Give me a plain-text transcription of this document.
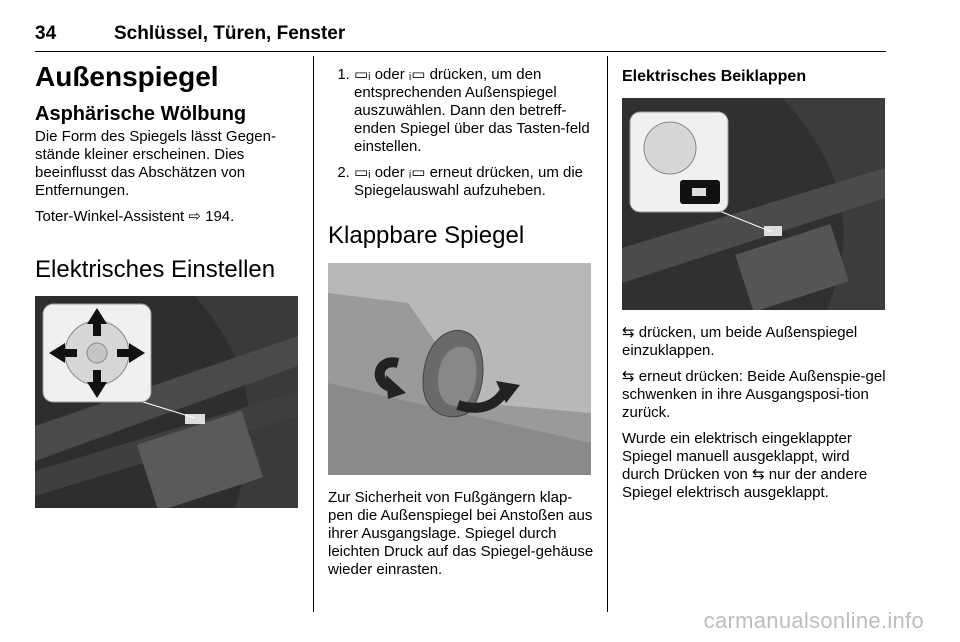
34	Schlüssel, Türen, Fenster
Außenspiegel
Asphärische Wölbung

Die Form des Spiegels lässt Gegen-stände kleiner erscheinen. Dies beeinflusst das Abschätzen von Entfernungen.

Toter-Winkel-Assistent ⇨ 194.

Elektrisches Einstellen
1. ▭ᵢ oder ᵢ▭ drücken, um den entsprechenden Außenspiegel auszuwählen. Dann den betreff-enden Spiegel über das Tasten-feld einstellen.
2. ▭ᵢ oder ᵢ▭ erneut drücken, um die Spiegelauswahl aufzuheben.
Klappbare Spiegel

Zur Sicherheit von Fußgängern klap-pen die Außenspiegel bei Anstoßen aus ihrer Ausgangslage. Spiegel durch leichten Druck auf das Spiegel-gehäuse wieder einrasten.

Elektrisches Beiklappen

⇆ drücken, um beide Außenspiegel einzuklappen.

⇆ erneut drücken: Beide Außenspie-gel schwenken in ihre Ausgangsposi-tion zurück.

Wurde ein elektrisch eingeklappter Spiegel manuell ausgeklappt, wird durch Drücken von ⇆ nur der andere Spiegel elektrisch ausgeklappt.

carmanualsonline.info
